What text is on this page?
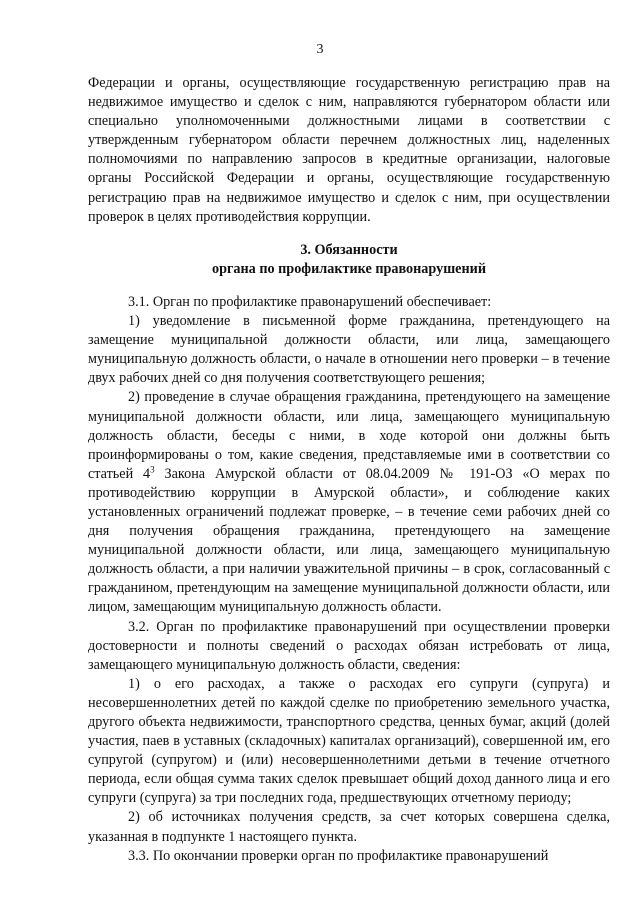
3

Федерации и органы, осуществляющие государственную регистрацию прав на недвижимое имущество и сделок с ним, направляются губернатором области или специально уполномоченными должностными лицами в соответствии с утвержденным губернатором области перечнем должностных лиц, наделенных полномочиями по направлению запросов в кредитные организации, налоговые органы Российской Федерации и органы, осуществляющие государственную регистрацию прав на недвижимое имущество и сделок с ним, при осуществлении проверок в целях противодействия коррупции.

3. Обязанности
органа по профилактике правонарушений

3.1. Орган по профилактике правонарушений обеспечивает:

1) уведомление в письменной форме гражданина, претендующего на замещение муниципальной должности области, или лица, замещающего муниципальную должность области, о начале в отношении него проверки – в течение двух рабочих дней со дня получения соответствующего решения;

2) проведение в случае обращения гражданина, претендующего на замещение муниципальной должности области, или лица, замещающего муниципальную должность области, беседы с ними, в ходе которой они должны быть проинформированы о том, какие сведения, представляемые ими в соответствии со статьей $4^3$ Закона Амурской области от 08.04.2009 № 191-ОЗ «О мерах по противодействию коррупции в Амурской области», и соблюдение каких установленных ограничений подлежат проверке, – в течение семи рабочих дней со дня получения обращения гражданина, претендующего на замещение муниципальной должности области, или лица, замещающего муниципальную должность области, а при наличии уважительной причины – в срок, согласованный с гражданином, претендующим на замещение муниципальной должности области, или лицом, замещающим муниципальную должность области.

3.2. Орган по профилактике правонарушений при осуществлении проверки достоверности и полноты сведений о расходах обязан истребовать от лица, замещающего муниципальную должность области, сведения:

1) о его расходах, а также о расходах его супруги (супруга) и несовершеннолетних детей по каждой сделке по приобретению земельного участка, другого объекта недвижимости, транспортного средства, ценных бумаг, акций (долей участия, паев в уставных (складочных) капиталах организаций), совершенной им, его супругой (супругом) и (или) несовершеннолетними детьми в течение отчетного периода, если общая сумма таких сделок превышает общий доход данного лица и его супруги (супруга) за три последних года, предшествующих отчетному периоду;

2) об источниках получения средств, за счет которых совершена сделка, указанная в подпункте 1 настоящего пункта.

3.3. По окончании проверки орган по профилактике правонарушений
